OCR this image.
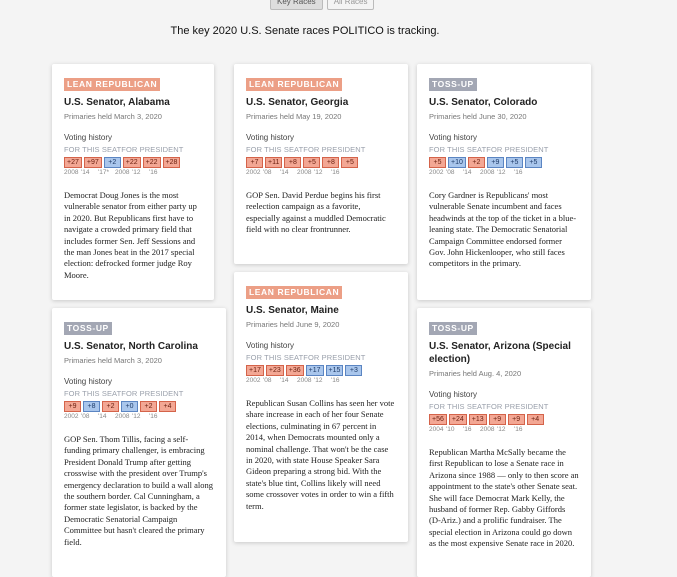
Key Races	All Races
The key 2020 U.S. Senate races POLITICO is tracking.
LEAN REPUBLICAN
U.S. Senator, Alabama
Primaries held March 3, 2020
Voting history
FOR THIS SEATFOR PRESIDENT
+27	+97	+2	+22	+22	+28
2008 '14	'17* 2008 '12	'16
Democrat Doug Jones is the most vulnerable senator from either party up in 2020. But Republicans first have to navigate a crowded primary field that includes former Sen. Jeff Sessions and the man Jones beat in the 2017 special election: defrocked former judge Roy Moore.
LEAN REPUBLICAN
U.S. Senator, Georgia
Primaries held May 19, 2020
Voting history
FOR THIS SEATFOR PRESIDENT
+7	+11	+8	+5	+8	+5
2002 '08	'14	2008 '12	'16
GOP Sen. David Perdue begins his first reelection campaign as a favorite, especially against a muddled Democratic field with no clear frontrunner.
TOSS-UP
U.S. Senator, Colorado
Primaries held June 30, 2020
Voting history
FOR THIS SEATFOR PRESIDENT
+5	+10	+2	+9	+5	+5
2002 '08	'14	2008 '12	'16
Cory Gardner is Republicans' most vulnerable Senate incumbent and faces headwinds at the top of the ticket in a blue-leaning state. The Democratic Senatorial Campaign Committee endorsed former Gov. John Hickenlooper, who still faces competitors in the primary.
TOSS-UP
U.S. Senator, North Carolina
Primaries held March 3, 2020
Voting history
FOR THIS SEATFOR PRESIDENT
+9	+8	+2	+0	+2	+4
2002 '08	'14	2008 '12	'16
GOP Sen. Thom Tillis, facing a self-funding primary challenger, is embracing President Donald Trump after getting crosswise with the president over Trump's emergency declaration to build a wall along the southern border. Cal Cunningham, a former state legislator, is backed by the Democratic Senatorial Campaign Committee but hasn't cleared the primary field.
LEAN REPUBLICAN
U.S. Senator, Maine
Primaries held June 9, 2020
Voting history
FOR THIS SEATFOR PRESIDENT
+17	+23	+36	+17	+15	+3
2002 '08	'14	2008 '12	'16
Republican Susan Collins has seen her vote share increase in each of her four Senate elections, culminating in 67 percent in 2014, when Democrats mounted only a nominal challenge. That won't be the case in 2020, with state House Speaker Sara Gideon preparing a strong bid. With the state's blue tint, Collins likely will need some crossover votes in order to win a fifth term.
TOSS-UP
U.S. Senator, Arizona (Special election)
Primaries held Aug. 4, 2020
Voting history
FOR THIS SEATFOR PRESIDENT
+56	+24	+13	+9	+9	+4
2004 '10	'16	2008 '12	'16
Republican Martha McSally became the first Republican to lose a Senate race in Arizona since 1988 — only to then score an appointment to the state's other Senate seat. She will face Democrat Mark Kelly, the husband of former Rep. Gabby Giffords (D-Ariz.) and a prolific fundraiser. The special election in Arizona could go down as the most expensive Senate race in 2020.
